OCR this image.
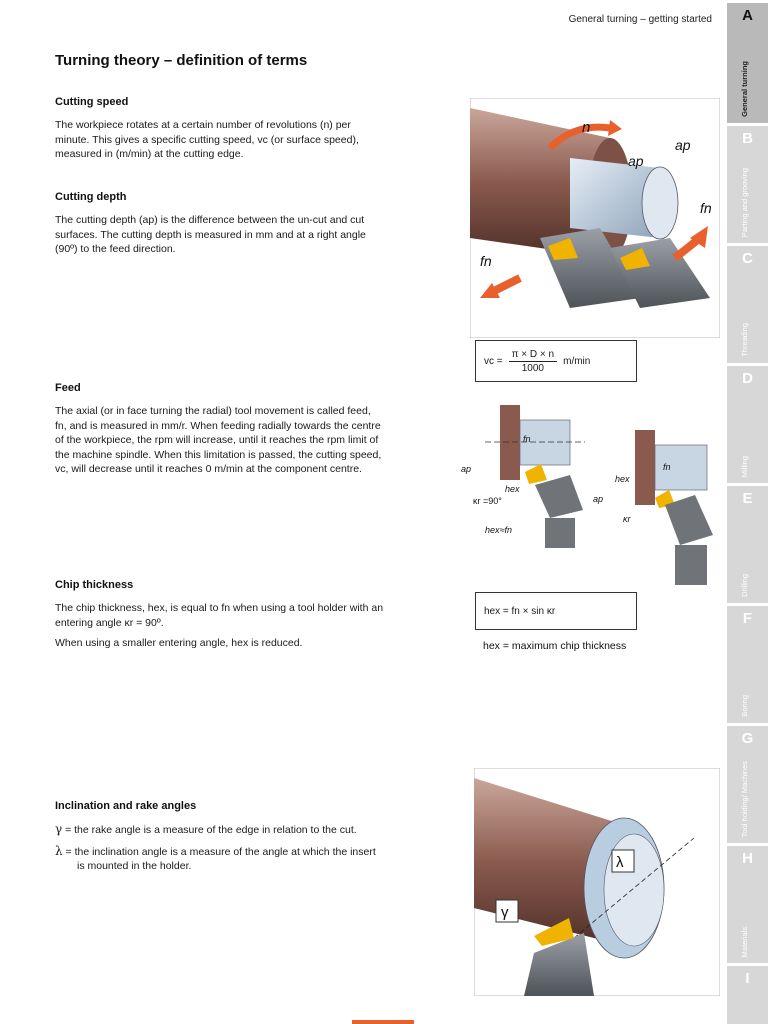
General turning – getting started
Turning theory – definition of terms
Cutting speed

The workpiece rotates at a certain number of revolutions (n) per minute. This gives a specific cutting speed, vc (or surface speed), measured in (m/min) at the cutting edge.

Cutting depth

The cutting depth (ap) is the difference between the un-cut and cut surfaces. The cutting depth is measured in mm and at a right angle (90º) to the feed direction.

Feed

The axial (or in face turning the radial) tool movement is called feed, fn, and is measured in mm/r. When feeding radially towards the centre of the workpiece, the rpm will increase, until it reaches the rpm limit of the machine spindle. When this limitation is passed, the cutting speed, vc, will decrease until it reaches 0 m/min at the component centre.

Chip thickness

The chip thickness, hex, is equal to fn when using a tool holder with an entering angle κr = 90º.

When using a smaller entering angle, hex is reduced.

Inclination and rake angles

γ = the rake angle is a measure of the edge in relation to the cut.

λ = the inclination angle is a measure of the angle at which the insert is mounted in the holder.

n
ap
ap
fn
fn
vc = $\frac{\pi \times D \times n}{1000} m/\min$
ap
fn
hex
κr =90°
hex≈fn
hex
fn
ap
κr
hex = fn × sin κr
hex = maximum chip thickness
λ
γ
A
General turning
B
Parting and grooving
C
Threading
D
Milling
E
Drilling
F
Boring
G
Tool holding/ Machines
H
Materials
I
